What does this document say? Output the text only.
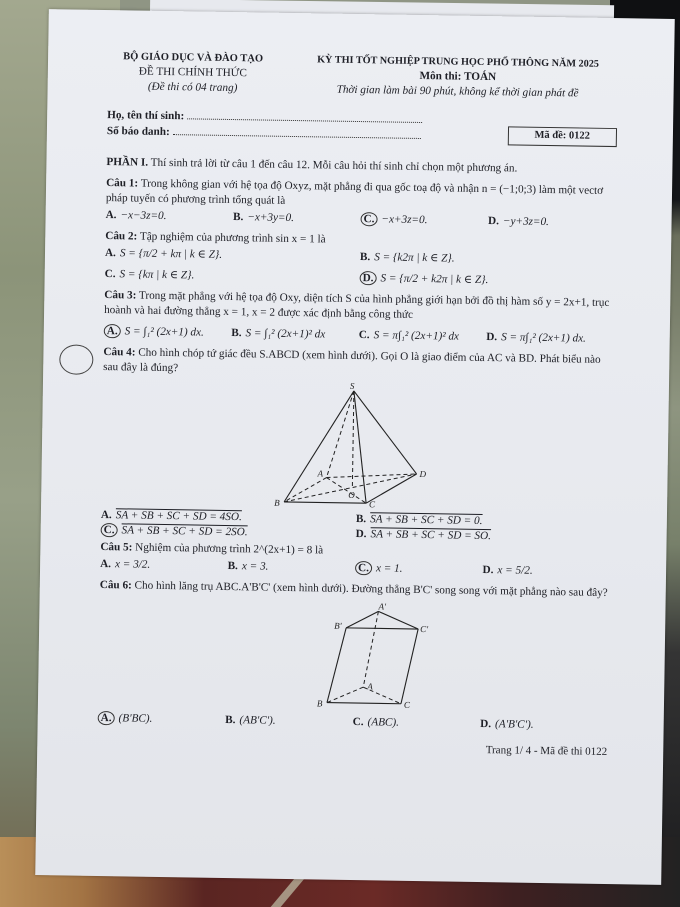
BỘ GIÁO DỤC VÀ ĐÀO TẠO
ĐỀ THI CHÍNH THỨC
(Đề thi có 04 trang)
KỲ THI TỐT NGHIỆP TRUNG HỌC PHỔ THÔNG NĂM 2025
Môn thi: TOÁN
Thời gian làm bài 90 phút, không kể thời gian phát đề
Họ, tên thí sinh:
Số báo danh:	Mã đề: 0122
PHẦN I. Thí sinh trả lời từ câu 1 đến câu 12. Mỗi câu hỏi thí sinh chỉ chọn một phương án.
Câu 1: Trong không gian với hệ tọa độ Oxyz, mặt phẳng đi qua gốc toạ độ và nhận n = (−1;0;3) làm một vectơ pháp tuyến có phương trình tổng quát là
A. −x−3z=0.	B. −x+3y=0.	C. −x+3z=0.	D. −y+3z=0.
Câu 2: Tập nghiệm của phương trình sin x = 1 là
A. S = {π/2 + kπ | k ∈ Z}.	B. S = {k2π | k ∈ Z}.
C. S = {kπ | k ∈ Z}.	D. S = {π/2 + k2π | k ∈ Z}.
Câu 3: Trong mặt phẳng với hệ tọa độ Oxy, diện tích S của hình phẳng giới hạn bởi đồ thị hàm số y = 2x+1, trục hoành và hai đường thẳng x = 1, x = 2 được xác định bằng công thức
A. S = ∫₁² (2x+1) dx.	B. S = ∫₁² (2x+1)² dx	C. S = π∫₁² (2x+1)² dx	D. S = π∫₁² (2x+1) dx.
Câu 4: Cho hình chóp tứ giác đều S.ABCD (xem hình dưới). Gọi O là giao điểm của AC và BD. Phát biểu nào sau đây là đúng?
S
A
B	C
D
O
A. SA + SB + SC + SD = 4SO.	B. SA + SB + SC + SD = 0.
C. SA + SB + SC + SD = 2SO.	D. SA + SB + SC + SD = SO.
Câu 5: Nghiệm của phương trình 2^(2x+1) = 8 là
A. x = 3/2.	B. x = 3.	C. x = 1.	D. x = 5/2.
Câu 6: Cho hình lăng trụ ABC.A'B'C' (xem hình dưới). Đường thẳng B'C' song song với mặt phẳng nào sau đây?
A'
B'	C'
A
B	C
A. (B'BC).	B. (AB'C').	C. (ABC).	D. (A'B'C').
Trang 1/ 4 - Mã đề thi 0122
